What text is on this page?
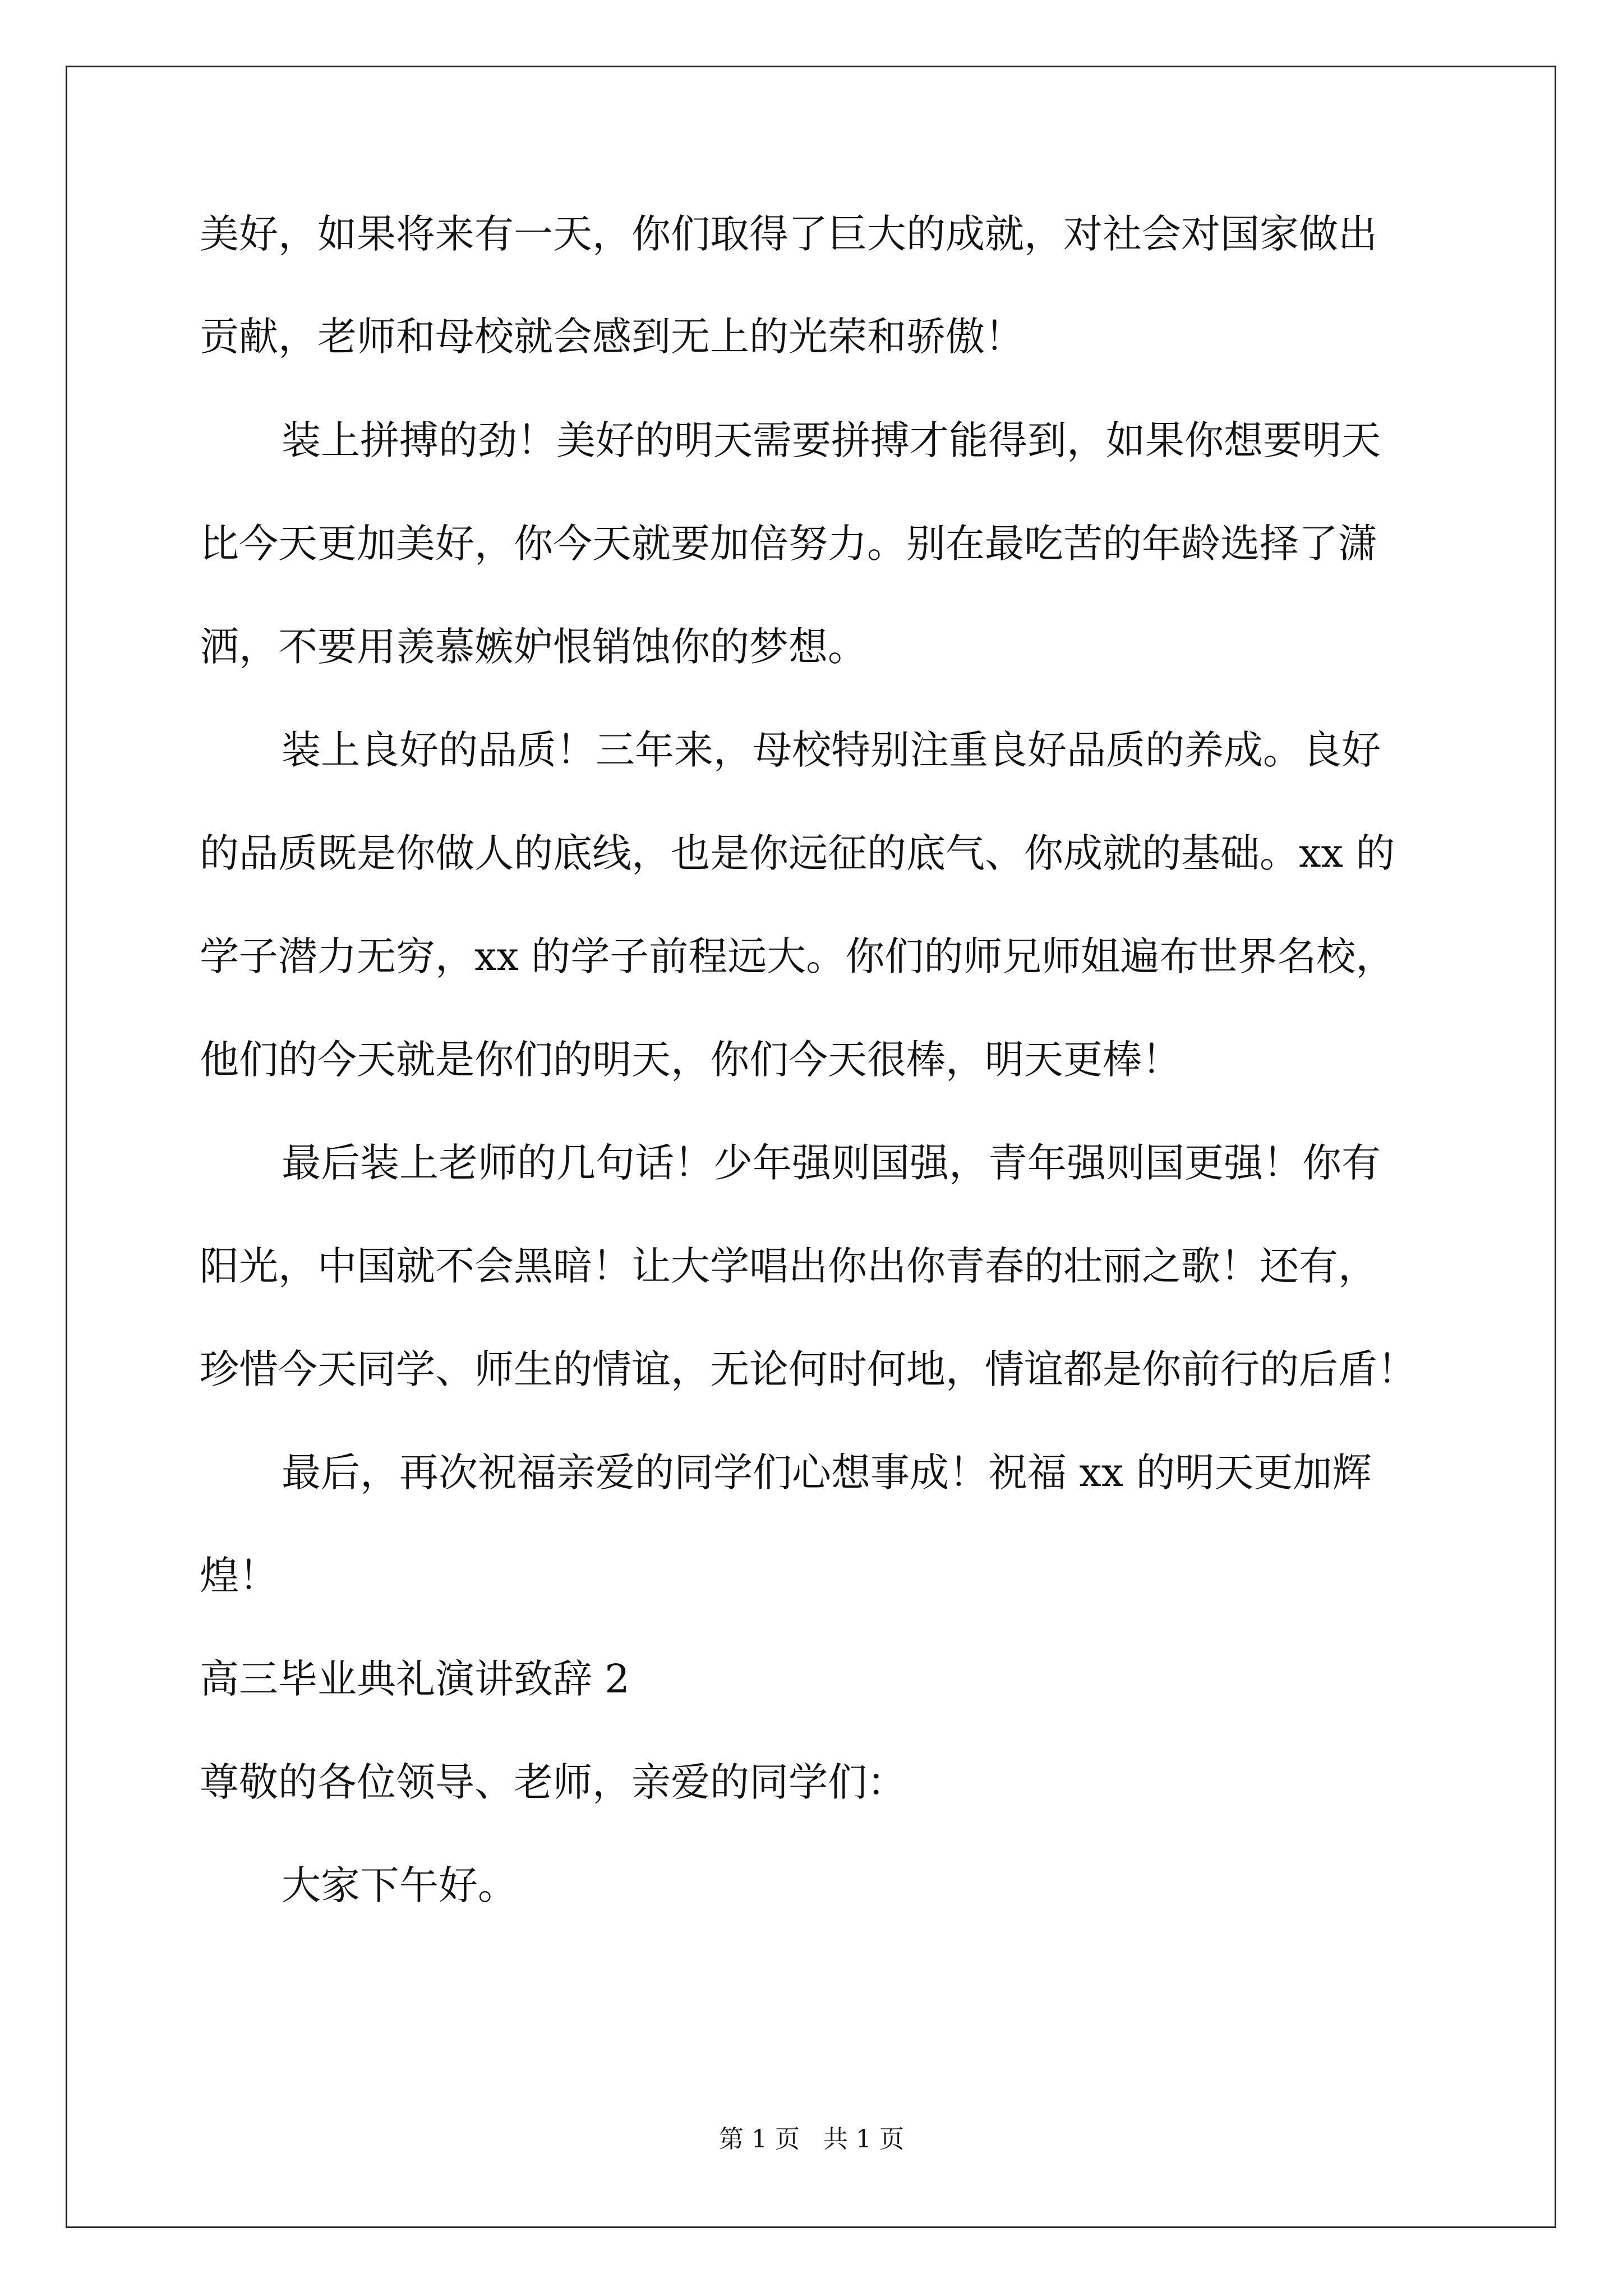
美好，如果将来有一天，你们取得了巨大的成就，对社会对国家做出
贡献，老师和母校就会感到无上的光荣和骄傲！
装上拼搏的劲！美好的明天需要拼搏才能得到，如果你想要明天
比今天更加美好，你今天就要加倍努力。别在最吃苦的年龄选择了潇
洒，不要用羡慕嫉妒恨销蚀你的梦想。
装上良好的品质！三年来，母校特别注重良好品质的养成。良好
的品质既是你做人的底线，也是你远征的底气、你成就的基础。xx 的
学子潜力无穷，xx 的学子前程远大。你们的师兄师姐遍布世界名校，
他们的今天就是你们的明天，你们今天很棒，明天更棒！
最后装上老师的几句话！少年强则国强，青年强则国更强！你有
阳光，中国就不会黑暗！让大学唱出你出你青春的壮丽之歌！还有，
珍惜今天同学、师生的情谊，无论何时何地，情谊都是你前行的后盾！
最后，再次祝福亲爱的同学们心想事成！祝福 xx 的明天更加辉
煌！
高三毕业典礼演讲致辞 2
尊敬的各位领导、老师，亲爱的同学们：
大家下午好。
第 1 页   共 1 页
